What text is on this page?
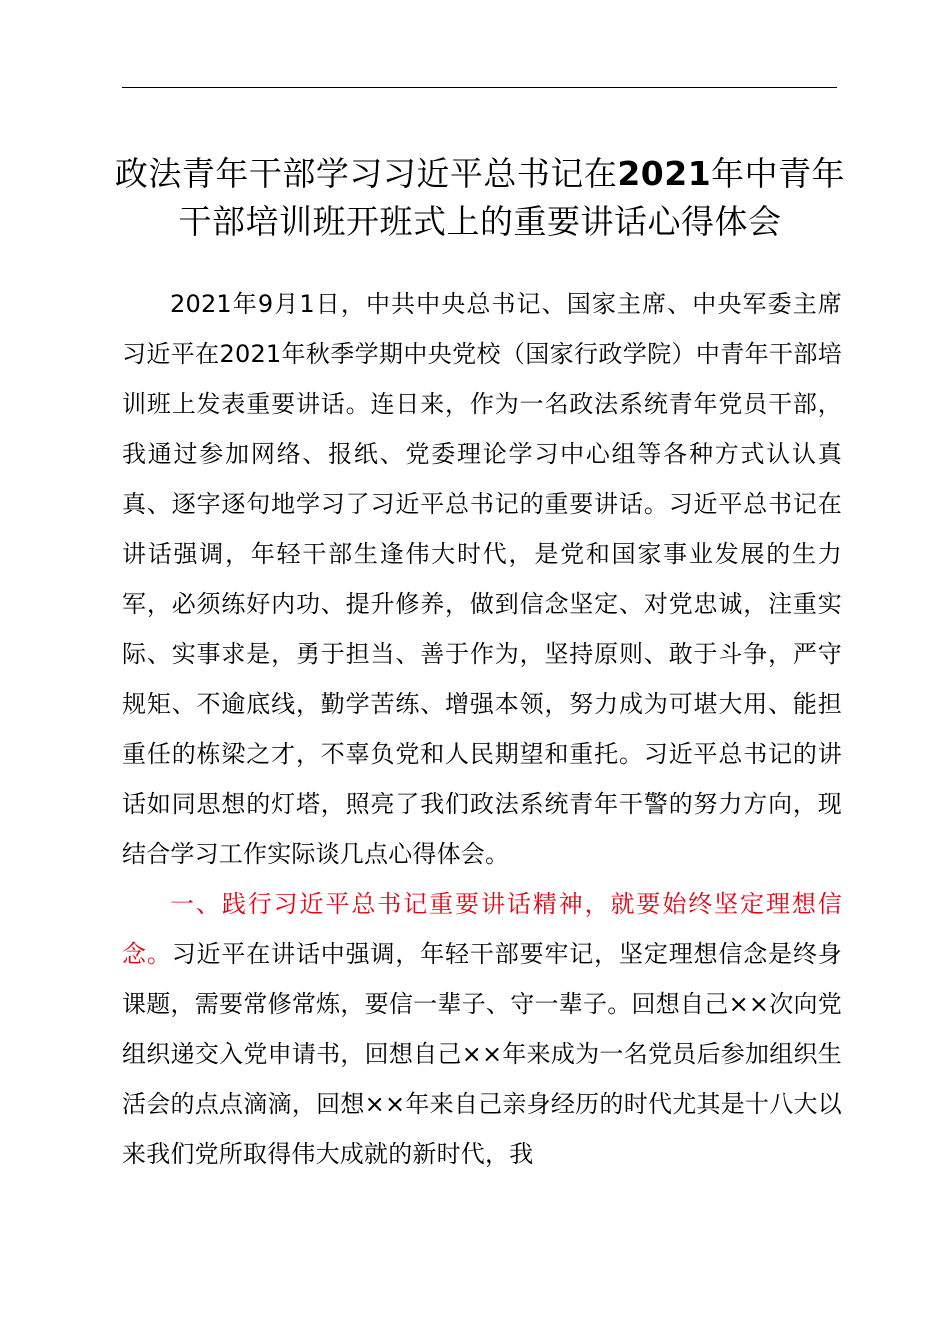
政法青年干部学习习近平总书记在2021年中青年干部培训班开班式上的重要讲话心得体会

2021年9月1日，中共中央总书记、国家主席、中央军委主席习近平在2021年秋季学期中央党校（国家行政学院）中青年干部培训班上发表重要讲话。连日来，作为一名政法系统青年党员干部，我通过参加网络、报纸、党委理论学习中心组等各种方式认认真真、逐字逐句地学习了习近平总书记的重要讲话。习近平总书记在讲话强调，年轻干部生逢伟大时代，是党和国家事业发展的生力军，必须练好内功、提升修养，做到信念坚定、对党忠诚，注重实际、实事求是，勇于担当、善于作为，坚持原则、敢于斗争，严守规矩、不逾底线，勤学苦练、增强本领，努力成为可堪大用、能担重任的栋梁之才，不辜负党和人民期望和重托。习近平总书记的讲话如同思想的灯塔，照亮了我们政法系统青年干警的努力方向，现结合学习工作实际谈几点心得体会。

一、践行习近平总书记重要讲话精神，就要始终坚定理想信念。习近平在讲话中强调，年轻干部要牢记，坚定理想信念是终身课题，需要常修常炼，要信一辈子、守一辈子。回想自己××次向党组织递交入党申请书，回想自己××年来成为一名党员后参加组织生活会的点点滴滴，回想××年来自己亲身经历的时代尤其是十八大以来我们党所取得伟大成就的新时代，我
